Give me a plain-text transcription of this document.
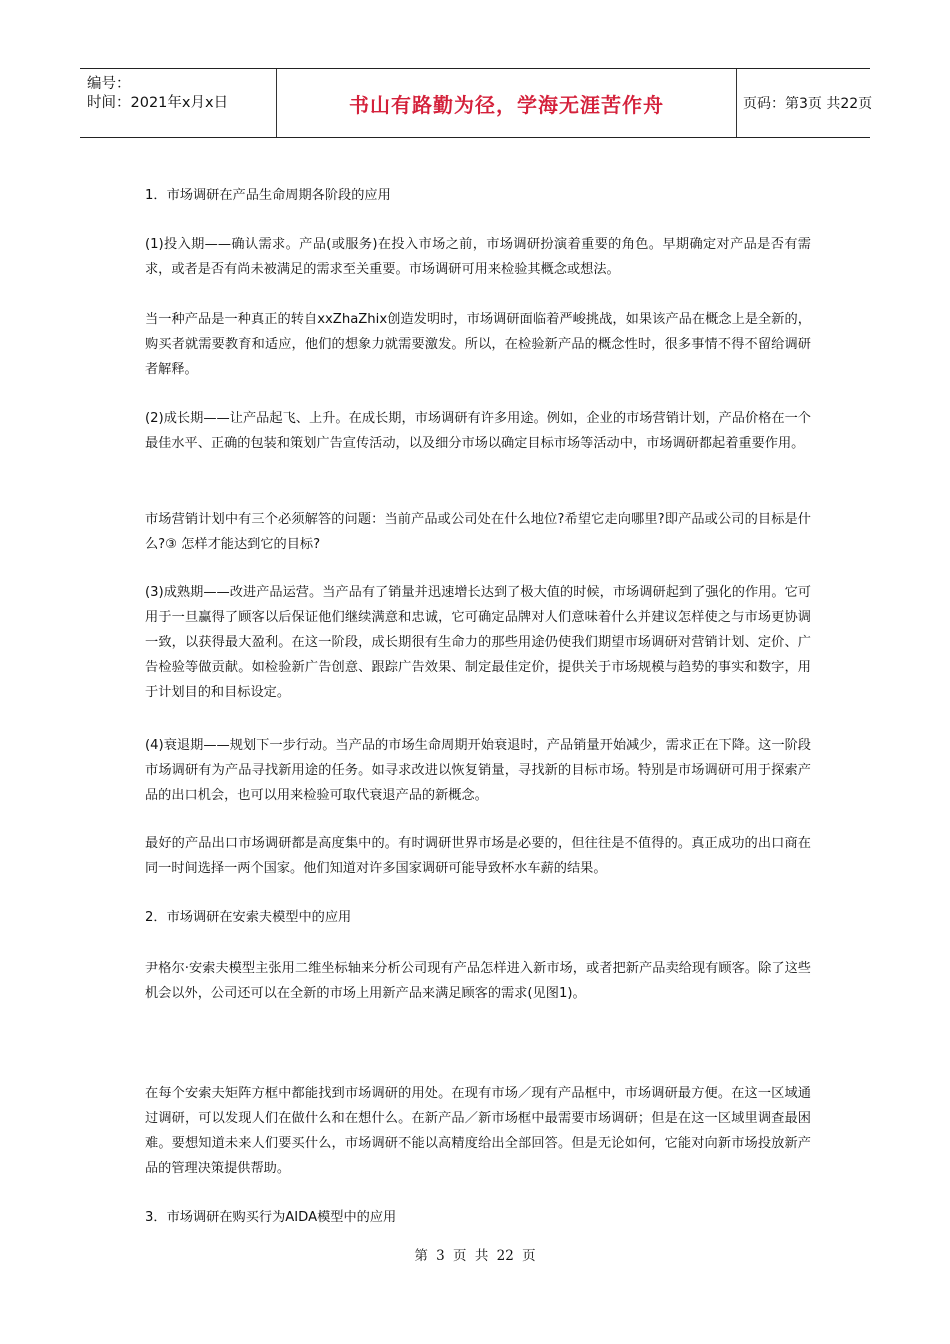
编号：
时间：2021年x月x日	书山有路勤为径，学海无涯苦作舟	页码：第3页 共22页

1．市场调研在产品生命周期各阶段的应用

(1)投入期——确认需求。产品(或服务)在投入市场之前，市场调研扮演着重要的角色。早期确定对产品是否有需求，或者是否有尚未被满足的需求至关重要。市场调研可用来检验其概念或想法。

当一种产品是一种真正的转自xxZhaZhix创造发明时，市场调研面临着严峻挑战，如果该产品在概念上是全新的，购买者就需要教育和适应，他们的想象力就需要激发。所以，在检验新产品的概念性时，很多事情不得不留给调研者解释。

(2)成长期——让产品起飞、上升。在成长期，市场调研有许多用途。例如，企业的市场营销计划，产品价格在一个最佳水平、正确的包装和策划广告宣传活动，以及细分市场以确定目标市场等活动中，市场调研都起着重要作用。

市场营销计划中有三个必须解答的问题：当前产品或公司处在什么地位?希望它走向哪里?即产品或公司的目标是什么?③ 怎样才能达到它的目标?

(3)成熟期——改进产品运营。当产品有了销量并迅速增长达到了极大值的时候，市场调研起到了强化的作用。它可用于一旦赢得了顾客以后保证他们继续满意和忠诚，它可确定品牌对人们意味着什么并建议怎样使之与市场更协调一致，以获得最大盈利。在这一阶段，成长期很有生命力的那些用途仍使我们期望市场调研对营销计划、定价、广告检验等做贡献。如检验新广告创意、跟踪广告效果、制定最佳定价，提供关于市场规模与趋势的事实和数字，用于计划目的和目标设定。

(4)衰退期——规划下一步行动。当产品的市场生命周期开始衰退时，产品销量开始减少，需求正在下降。这一阶段市场调研有为产品寻找新用途的任务。如寻求改进以恢复销量，寻找新的目标市场。特别是市场调研可用于探索产品的出口机会，也可以用来检验可取代衰退产品的新概念。

最好的产品出口市场调研都是高度集中的。有时调研世界市场是必要的，但往往是不值得的。真正成功的出口商在同一时间选择一两个国家。他们知道对许多国家调研可能导致杯水车薪的结果。

2．市场调研在安索夫模型中的应用

尹格尔·安索夫模型主张用二维坐标轴来分析公司现有产品怎样进入新市场，或者把新产品卖给现有顾客。除了这些机会以外，公司还可以在全新的市场上用新产品来满足顾客的需求(见图1)。

在每个安索夫矩阵方框中都能找到市场调研的用处。在现有市场／现有产品框中，市场调研最方便。在这一区域通过调研，可以发现人们在做什么和在想什么。在新产品／新市场框中最需要市场调研；但是在这一区域里调查最困难。要想知道未来人们要买什么，市场调研不能以高精度给出全部回答。但是无论如何，它能对向新市场投放新产品的管理决策提供帮助。

3．市场调研在购买行为AIDA模型中的应用

第 3 页 共 22 页
